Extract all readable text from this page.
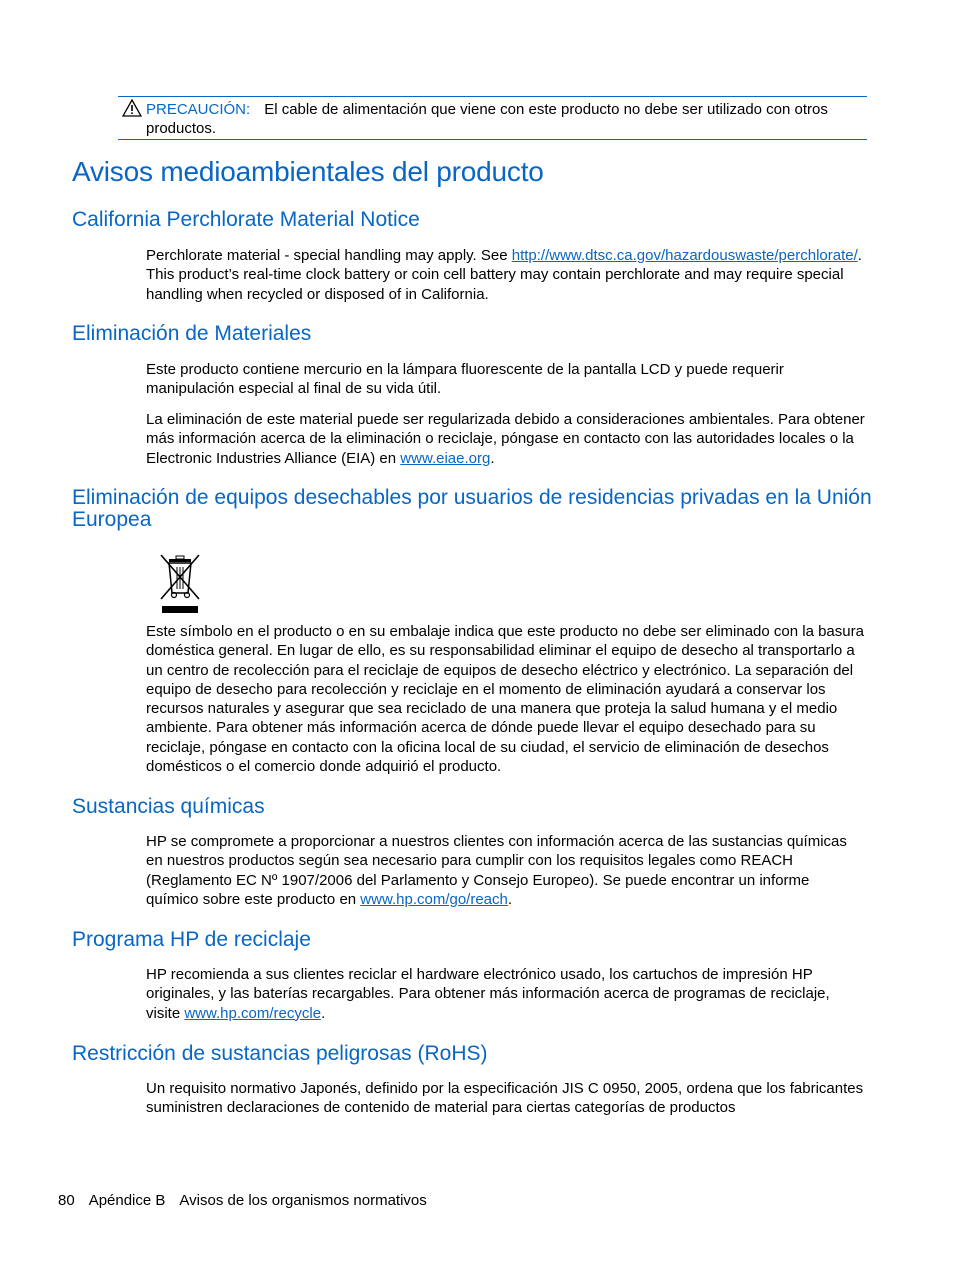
PRECAUCIÓN: El cable de alimentación que viene con este producto no debe ser utilizado con otros productos.
Avisos medioambientales del producto
California Perchlorate Material Notice

Perchlorate material - special handling may apply. See http://www.dtsc.ca.gov/hazardouswaste/perchlorate/. This product’s real-time clock battery or coin cell battery may contain perchlorate and may require special handling when recycled or disposed of in California.

Eliminación de Materiales

Este producto contiene mercurio en la lámpara fluorescente de la pantalla LCD y puede requerir manipulación especial al final de su vida útil.

La eliminación de este material puede ser regularizada debido a consideraciones ambientales. Para obtener más información acerca de la eliminación o reciclaje, póngase en contacto con las autoridades locales o la Electronic Industries Alliance (EIA) en www.eiae.org.

Eliminación de equipos desechables por usuarios de residencias privadas en la Unión Europea

Este símbolo en el producto o en su embalaje indica que este producto no debe ser eliminado con la basura doméstica general. En lugar de ello, es su responsabilidad eliminar el equipo de desecho al transportarlo a un centro de recolección para el reciclaje de equipos de desecho eléctrico y electrónico. La separación del equipo de desecho para recolección y reciclaje en el momento de eliminación ayudará a conservar los recursos naturales y asegurar que sea reciclado de una manera que proteja la salud humana y el medio ambiente. Para obtener más información acerca de dónde puede llevar el equipo desechado para su reciclaje, póngase en contacto con la oficina local de su ciudad, el servicio de eliminación de desechos domésticos o el comercio donde adquirió el producto.

Sustancias químicas

HP se compromete a proporcionar a nuestros clientes con información acerca de las sustancias químicas en nuestros productos según sea necesario para cumplir con los requisitos legales como REACH (Reglamento EC Nº 1907/2006 del Parlamento y Consejo Europeo). Se puede encontrar un informe químico sobre este producto en www.hp.com/go/reach.

Programa HP de reciclaje

HP recomienda a sus clientes reciclar el hardware electrónico usado, los cartuchos de impresión HP originales, y las baterías recargables. Para obtener más información acerca de programas de reciclaje, visite www.hp.com/recycle.

Restricción de sustancias peligrosas (RoHS)

Un requisito normativo Japonés, definido por la especificación JIS C 0950, 2005, ordena que los fabricantes suministren declaraciones de contenido de material para ciertas categorías de productos

80 Apéndice B Avisos de los organismos normativos
